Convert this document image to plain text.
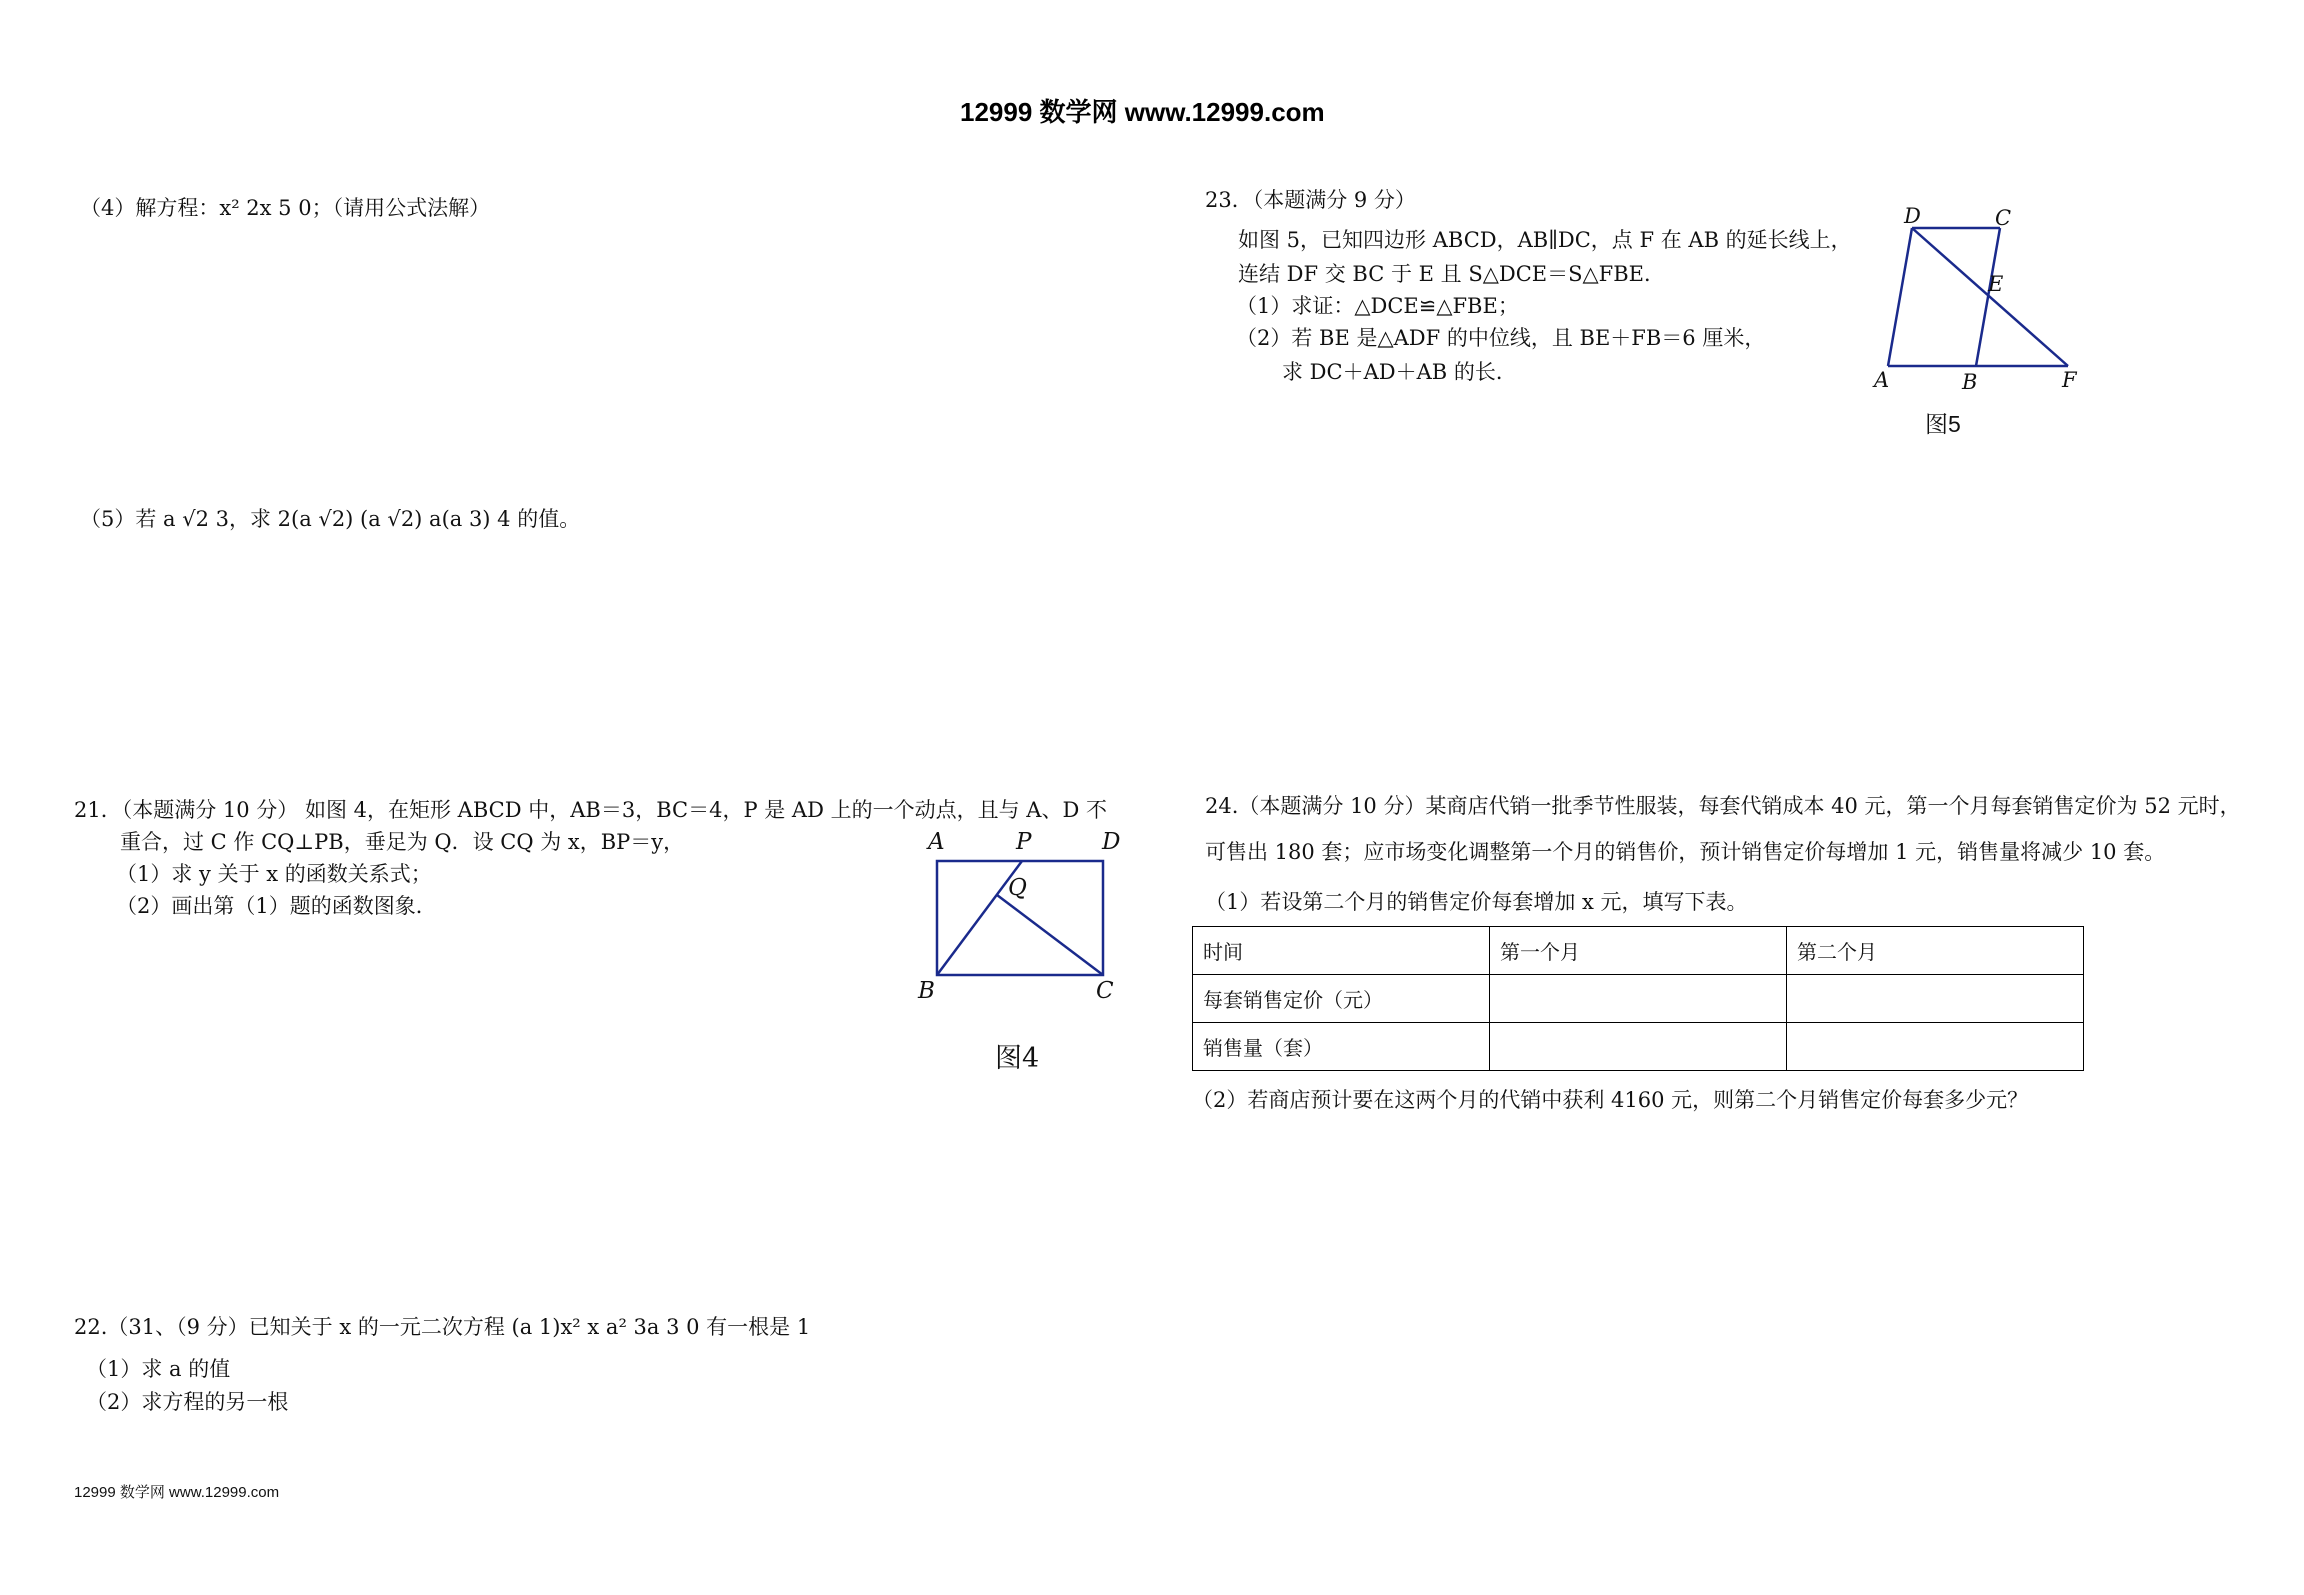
12999 数学网 www.12999.com
（4）解方程：x² 2x 5 0；（请用公式法解）
（5）若 a √2 3，求 2(a √2) (a √2) a(a 3) 4 的值。
21．（本题满分 10 分） 如图 4，在矩形 ABCD 中，AB＝3，BC＝4，P 是 AD 上的一个动点，且与 A、D 不
重合，过 C 作 CQ⊥PB，垂足为 Q．设 CQ 为 x，BP＝y，
（1）求 y 关于 x 的函数关系式；
（2）画出第（1）题的函数图象．
A	P	D
Q
B	C
图4
22.（31、（9 分）已知关于 x 的一元二次方程 (a 1)x² x a² 3a 3 0 有一根是 1
（1）求 a 的值
（2）求方程的另一根
12999 数学网 www.12999.com
23．（本题满分 9 分）
如图 5，已知四边形 ABCD，AB∥DC，点 F 在 AB 的延长线上，
连结 DF 交 BC 于 E 且 S△DCE＝S△FBE．
（1）求证：△DCE≌△FBE；
（2）若 BE 是△ADF 的中位线，且 BE＋FB＝6 厘米，
求 DC＋AD＋AB 的长．
D	C
E
A	B	F
图5
24.（本题满分 10 分）某商店代销一批季节性服装，每套代销成本 40 元，第一个月每套销售定价为 52 元时，
可售出 180 套；应市场变化调整第一个月的销售价，预计销售定价每增加 1 元，销售量将减少 10 套。
（1）若设第二个月的销售定价每套增加 x 元，填写下表。
时间	第一个月	第二个月
每套销售定价（元）		
销售量（套）		
（2）若商店预计要在这两个月的代销中获利 4160 元，则第二个月销售定价每套多少元？
